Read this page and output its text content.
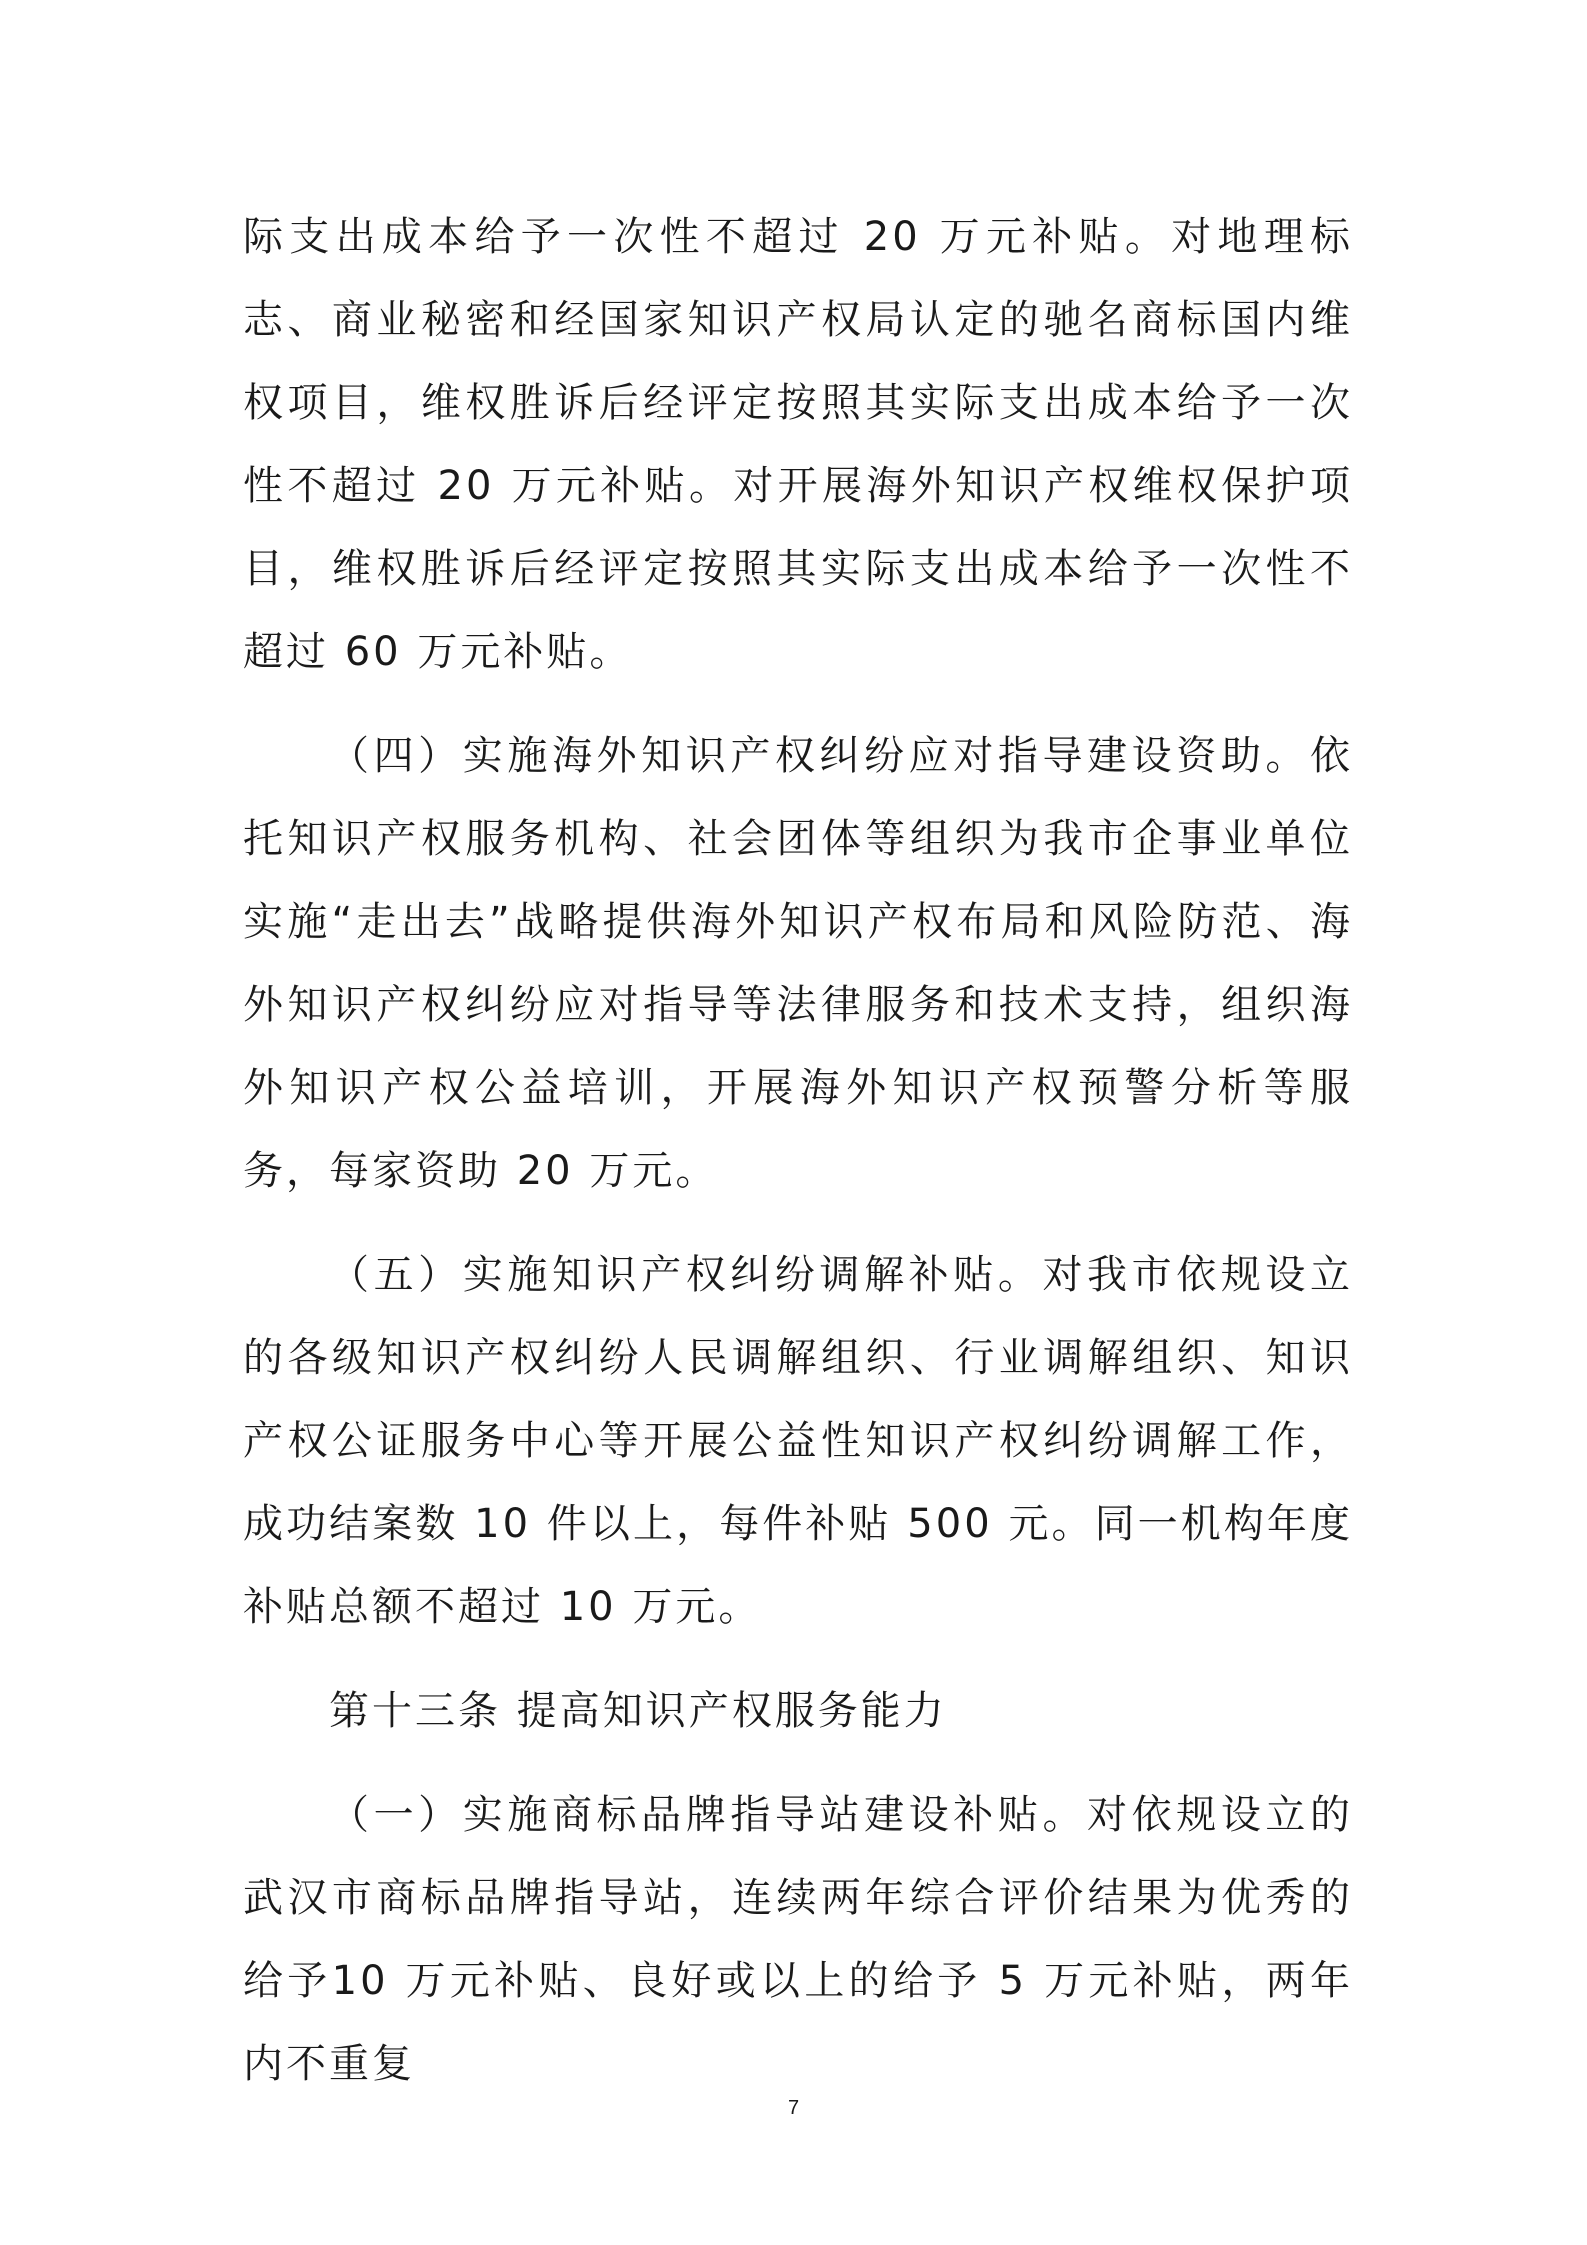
际支出成本给予一次性不超过 20 万元补贴。对地理标志、商业秘密和经国家知识产权局认定的驰名商标国内维权项目，维权胜诉后经评定按照其实际支出成本给予一次性不超过 20 万元补贴。对开展海外知识产权维权保护项目，维权胜诉后经评定按照其实际支出成本给予一次性不超过 60 万元补贴。

（四）实施海外知识产权纠纷应对指导建设资助。依托知识产权服务机构、社会团体等组织为我市企事业单位实施“走出去”战略提供海外知识产权布局和风险防范、海外知识产权纠纷应对指导等法律服务和技术支持，组织海外知识产权公益培训，开展海外知识产权预警分析等服务，每家资助 20 万元。

（五）实施知识产权纠纷调解补贴。对我市依规设立的各级知识产权纠纷人民调解组织、行业调解组织、知识产权公证服务中心等开展公益性知识产权纠纷调解工作，成功结案数 10 件以上，每件补贴 500 元。同一机构年度补贴总额不超过 10 万元。

第十三条 提高知识产权服务能力

（一）实施商标品牌指导站建设补贴。对依规设立的武汉市商标品牌指导站，连续两年综合评价结果为优秀的给予10 万元补贴、良好或以上的给予 5 万元补贴，两年内不重复

7
